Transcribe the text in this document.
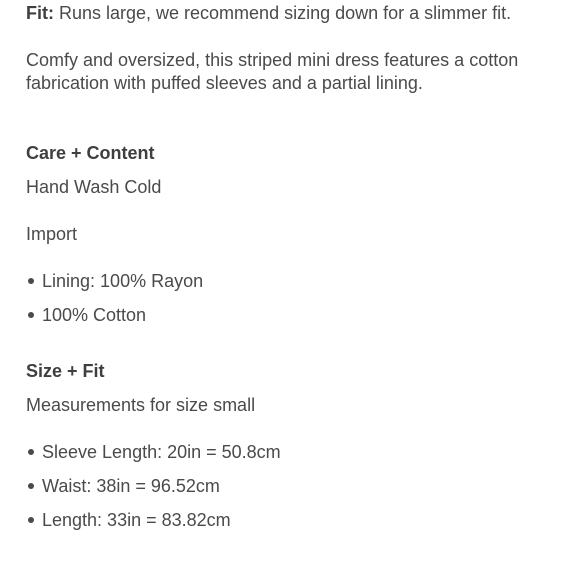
Fit: Runs large, we recommend sizing down for a slimmer fit.

Comfy and oversized, this striped mini dress features a cotton

fabrication with puffed sleeves and a partial lining.

Care + Content

Hand Wash Cold

Import

Lining: 100% Rayon
100% Cotton
Size + Fit

Measurements for size small

Sleeve Length: 20in = 50.8cm
Waist: 38in = 96.52cm
Length: 33in = 83.82cm
